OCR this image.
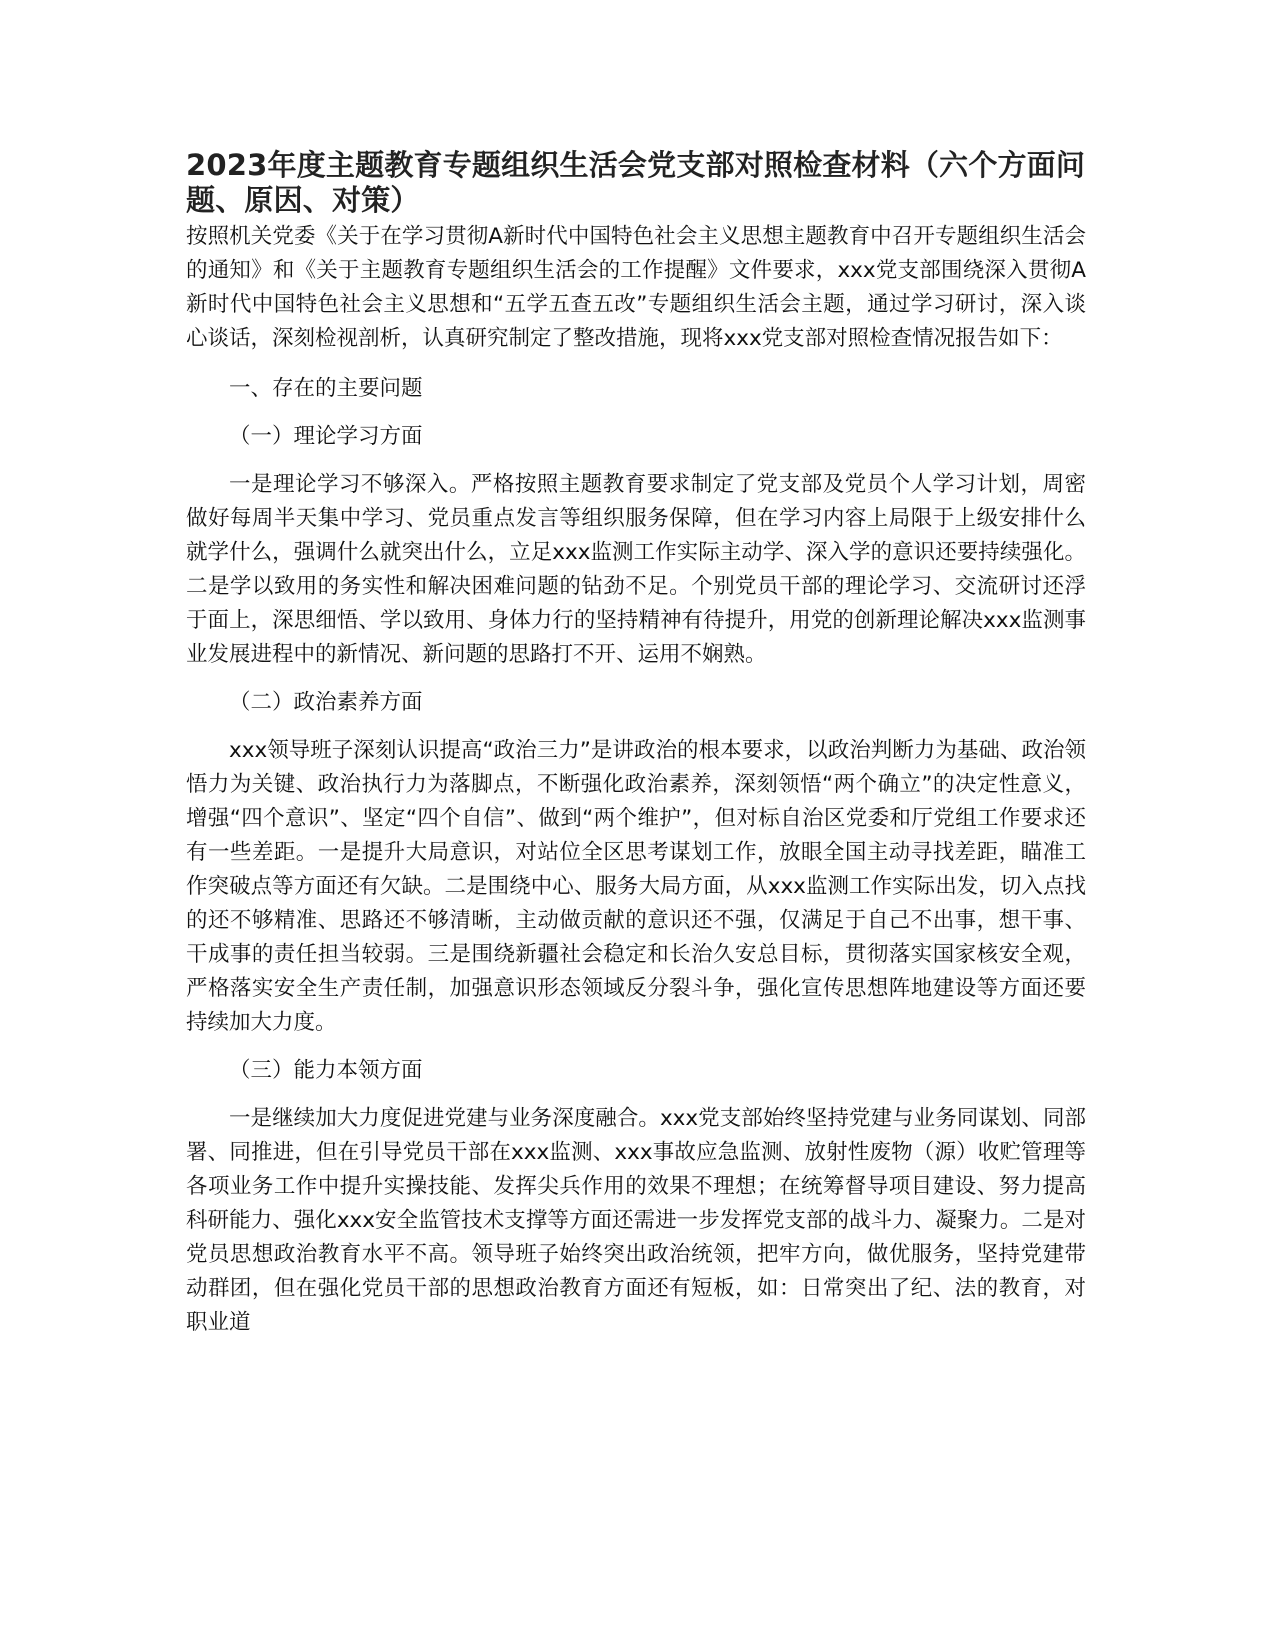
2023年度主题教育专题组织生活会党支部对照检查材料（六个方面问题、原因、对策）

按照机关党委《关于在学习贯彻A新时代中国特色社会主义思想主题教育中召开专题组织生活会的通知》和《关于主题教育专题组织生活会的工作提醒》文件要求，xxx党支部围绕深入贯彻A新时代中国特色社会主义思想和“五学五查五改”专题组织生活会主题，通过学习研讨，深入谈心谈话，深刻检视剖析，认真研究制定了整改措施，现将xxx党支部对照检查情况报告如下：

一、存在的主要问题

（一）理论学习方面

一是理论学习不够深入。严格按照主题教育要求制定了党支部及党员个人学习计划，周密做好每周半天集中学习、党员重点发言等组织服务保障，但在学习内容上局限于上级安排什么就学什么，强调什么就突出什么，立足xxx监测工作实际主动学、深入学的意识还要持续强化。二是学以致用的务实性和解决困难问题的钻劲不足。个别党员干部的理论学习、交流研讨还浮于面上，深思细悟、学以致用、身体力行的坚持精神有待提升，用党的创新理论解决xxx监测事业发展进程中的新情况、新问题的思路打不开、运用不娴熟。

（二）政治素养方面

xxx领导班子深刻认识提高“政治三力”是讲政治的根本要求，以政治判断力为基础、政治领悟力为关键、政治执行力为落脚点，不断强化政治素养，深刻领悟“两个确立”的决定性意义，增强“四个意识”、坚定“四个自信”、做到“两个维护”，但对标自治区党委和厅党组工作要求还有一些差距。一是提升大局意识，对站位全区思考谋划工作，放眼全国主动寻找差距，瞄准工作突破点等方面还有欠缺。二是围绕中心、服务大局方面，从xxx监测工作实际出发，切入点找的还不够精准、思路还不够清晰，主动做贡献的意识还不强，仅满足于自己不出事，想干事、干成事的责任担当较弱。三是围绕新疆社会稳定和长治久安总目标，贯彻落实国家核安全观，严格落实安全生产责任制，加强意识形态领域反分裂斗争，强化宣传思想阵地建设等方面还要持续加大力度。

（三）能力本领方面

一是继续加大力度促进党建与业务深度融合。xxx党支部始终坚持党建与业务同谋划、同部署、同推进，但在引导党员干部在xxx监测、xxx事故应急监测、放射性废物（源）收贮管理等各项业务工作中提升实操技能、发挥尖兵作用的效果不理想；在统筹督导项目建设、努力提高科研能力、强化xxx安全监管技术支撑等方面还需进一步发挥党支部的战斗力、凝聚力。二是对党员思想政治教育水平不高。领导班子始终突出政治统领，把牢方向，做优服务，坚持党建带动群团，但在强化党员干部的思想政治教育方面还有短板，如：日常突出了纪、法的教育，对职业道
